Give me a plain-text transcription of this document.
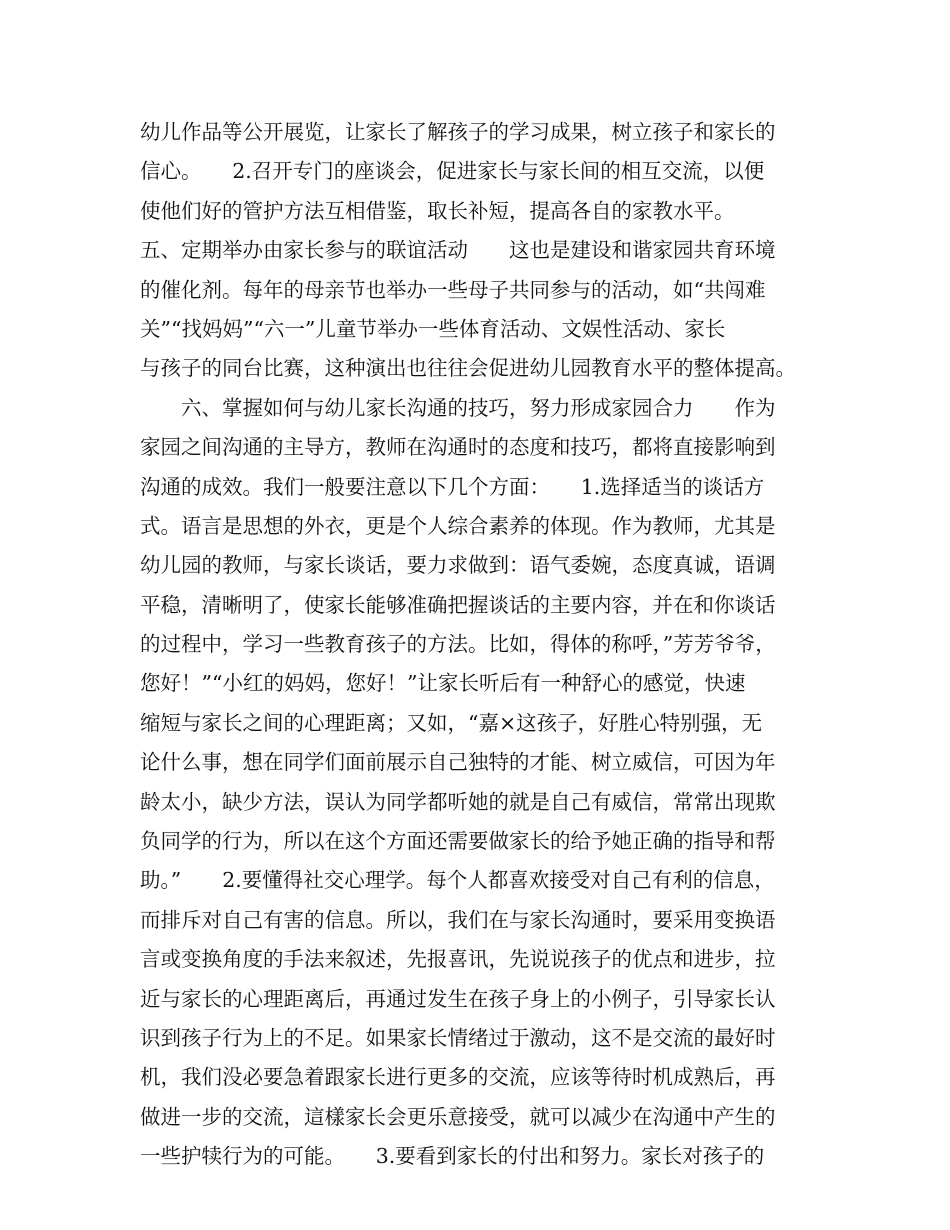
幼儿作品等公开展览，让家长了解孩子的学习成果，树立孩子和家长的
信心。　　2.召开专门的座谈会，促进家长与家长间的相互交流，以便
使他们好的管护方法互相借鉴，取长补短，提高各自的家教水平。
五、定期举办由家长参与的联谊活动　　这也是建设和谐家园共育环境
的催化剂。每年的母亲节也举办一些母子共同参与的活动，如“共闯难
关”“找妈妈”“六一”儿童节举办一些体育活动、文娱性活动、家长
与孩子的同台比赛，这种演出也往往会促进幼儿园教育水平的整体提高。
　　六、掌握如何与幼儿家长沟通的技巧，努力形成家园合力　　作为
家园之间沟通的主导方，教师在沟通时的态度和技巧，都将直接影响到
沟通的成效。我们一般要注意以下几个方面：　　1.选择适当的谈话方
式。语言是思想的外衣，更是个人综合素养的体现。作为教师，尤其是
幼儿园的教师，与家长谈话，要力求做到：语气委婉，态度真诚，语调
平稳，清晰明了，使家长能够准确把握谈话的主要内容，并在和你谈话
的过程中，学习一些教育孩子的方法。比如，得体的称呼，”芳芳爷爷，
您好！”“小红的妈妈，您好！”让家长听后有一种舒心的感觉，快速
缩短与家长之间的心理距离；又如，“嘉×这孩子，好胜心特别强，无
论什么事，想在同学们面前展示自己独特的才能、树立威信，可因为年
龄太小，缺少方法，误认为同学都听她的就是自己有威信，常常出现欺
负同学的行为，所以在这个方面还需要做家长的给予她正确的指导和帮
助。”　　2.要懂得社交心理学。每个人都喜欢接受对自己有利的信息，
而排斥对自己有害的信息。所以，我们在与家长沟通时，要采用变换语
言或变换角度的手法来叙述，先报喜讯，先说说孩子的优点和进步，拉
近与家长的心理距离后，再通过发生在孩子身上的小例子，引导家长认
识到孩子行为上的不足。如果家长情绪过于激动，这不是交流的最好时
机，我们没必要急着跟家长进行更多的交流，应该等待时机成熟后，再
做进一步的交流，這樣家长会更乐意接受，就可以减少在沟通中产生的
一些护犊行为的可能。　　3.要看到家长的付出和努力。家长对孩子的
